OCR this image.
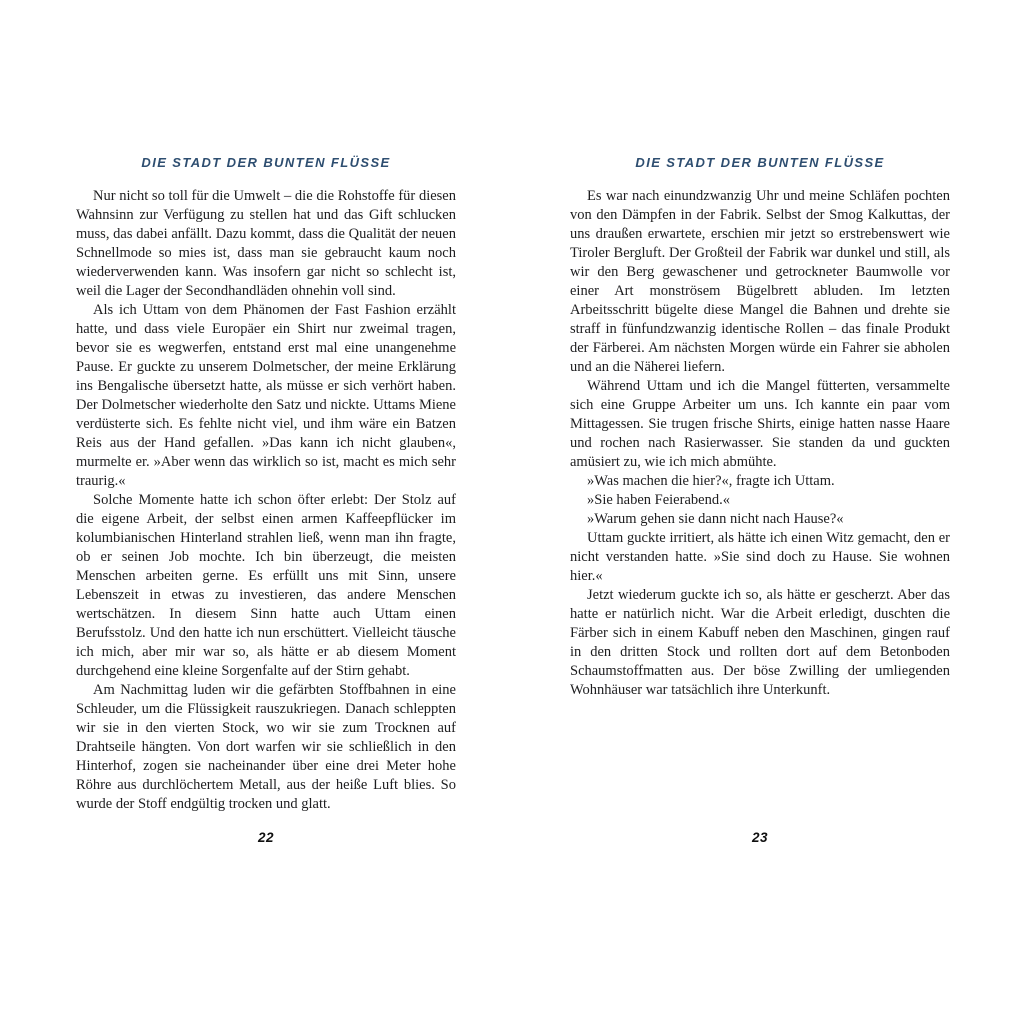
DIE STADT DER BUNTEN FLÜSSE

Nur nicht so toll für die Umwelt – die die Rohstoffe für diesen Wahnsinn zur Verfügung zu stellen hat und das Gift schlucken muss, das dabei anfällt. Dazu kommt, dass die Qualität der neuen Schnellmode so mies ist, dass man sie gebraucht kaum noch wiederverwenden kann. Was insofern gar nicht so schlecht ist, weil die Lager der Secondhandläden ohnehin voll sind.

Als ich Uttam von dem Phänomen der Fast Fashion erzählt hatte, und dass viele Europäer ein Shirt nur zweimal tragen, bevor sie es wegwerfen, entstand erst mal eine unangenehme Pause. Er guckte zu unserem Dolmetscher, der meine Erklärung ins Bengalische übersetzt hatte, als müsse er sich verhört haben. Der Dolmetscher wiederholte den Satz und nickte. Uttams Miene verdüsterte sich. Es fehlte nicht viel, und ihm wäre ein Batzen Reis aus der Hand gefallen. »Das kann ich nicht glauben«, murmelte er. »Aber wenn das wirklich so ist, macht es mich sehr traurig.«

Solche Momente hatte ich schon öfter erlebt: Der Stolz auf die eigene Arbeit, der selbst einen armen Kaffeepflücker im kolumbianischen Hinterland strahlen ließ, wenn man ihn fragte, ob er seinen Job mochte. Ich bin überzeugt, die meisten Menschen arbeiten gerne. Es erfüllt uns mit Sinn, unsere Lebenszeit in etwas zu investieren, das andere Menschen wertschätzen. In diesem Sinn hatte auch Uttam einen Berufsstolz. Und den hatte ich nun erschüttert. Vielleicht täusche ich mich, aber mir war so, als hätte er ab diesem Moment durchgehend eine kleine Sorgenfalte auf der Stirn gehabt.

Am Nachmittag luden wir die gefärbten Stoffbahnen in eine Schleuder, um die Flüssigkeit rauszukriegen. Danach schleppten wir sie in den vierten Stock, wo wir sie zum Trocknen auf Drahtseile hängten. Von dort warfen wir sie schließlich in den Hinterhof, zogen sie nacheinander über eine drei Meter hohe Röhre aus durchlöchertem Metall, aus der heiße Luft blies. So wurde der Stoff endgültig trocken und glatt.

22
DIE STADT DER BUNTEN FLÜSSE

Es war nach einundzwanzig Uhr und meine Schläfen pochten von den Dämpfen in der Fabrik. Selbst der Smog Kalkuttas, der uns draußen erwartete, erschien mir jetzt so erstrebenswert wie Tiroler Bergluft. Der Großteil der Fabrik war dunkel und still, als wir den Berg gewaschener und getrockneter Baumwolle vor einer Art monströsem Bügelbrett abluden. Im letzten Arbeitsschritt bügelte diese Mangel die Bahnen und drehte sie straff in fünfundzwanzig identische Rollen – das finale Produkt der Färberei. Am nächsten Morgen würde ein Fahrer sie abholen und an die Näherei liefern.

Während Uttam und ich die Mangel fütterten, versammelte sich eine Gruppe Arbeiter um uns. Ich kannte ein paar vom Mittagessen. Sie trugen frische Shirts, einige hatten nasse Haare und rochen nach Rasierwasser. Sie standen da und guckten amüsiert zu, wie ich mich abmühte.

»Was machen die hier?«, fragte ich Uttam.

»Sie haben Feierabend.«

»Warum gehen sie dann nicht nach Hause?«

Uttam guckte irritiert, als hätte ich einen Witz gemacht, den er nicht verstanden hatte. »Sie sind doch zu Hause. Sie wohnen hier.«

Jetzt wiederum guckte ich so, als hätte er gescherzt. Aber das hatte er natürlich nicht. War die Arbeit erledigt, duschten die Färber sich in einem Kabuff neben den Maschinen, gingen rauf in den dritten Stock und rollten dort auf dem Betonboden Schaumstoffmatten aus. Der böse Zwilling der umliegenden Wohnhäuser war tatsächlich ihre Unterkunft.

23
